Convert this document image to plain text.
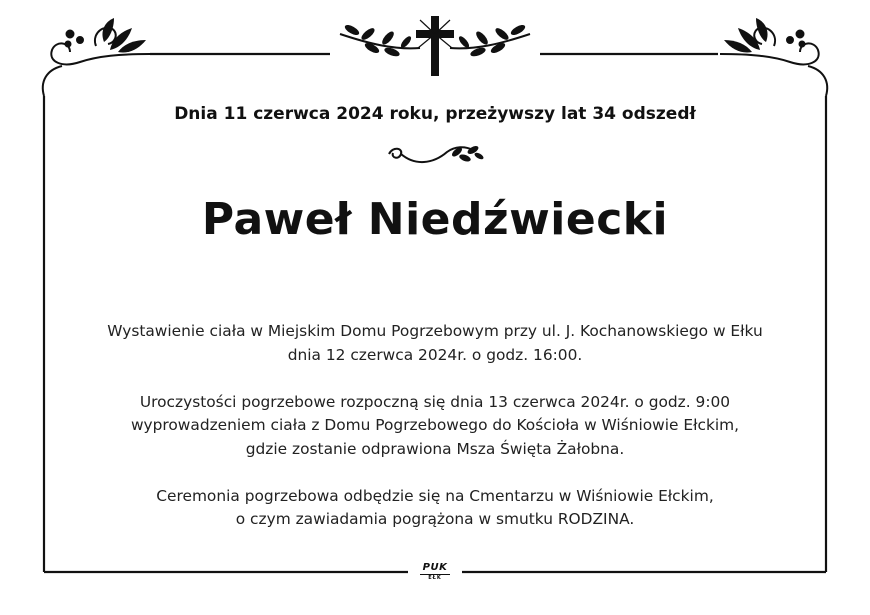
Dnia 11 czerwca 2024 roku, przeżywszy lat 34 odszedł
Paweł Niedźwiecki
Wystawienie ciała w Miejskim Domu Pogrzebowym przy ul. J. Kochanowskiego w Ełku
dnia 12 czerwca 2024r. o godz. 16:00.
Uroczystości pogrzebowe rozpoczną się dnia 13 czerwca 2024r. o godz. 9:00
wyprowadzeniem ciała z Domu Pogrzebowego do Kościoła w Wiśniowie Ełckim,
gdzie zostanie odprawiona Msza Święta Żałobna.
Ceremonia pogrzebowa odbędzie się na Cmentarzu w Wiśniowie Ełckim,
o czym zawiadamia pogrążona w smutku RODZINA.
PUK
EŁK
